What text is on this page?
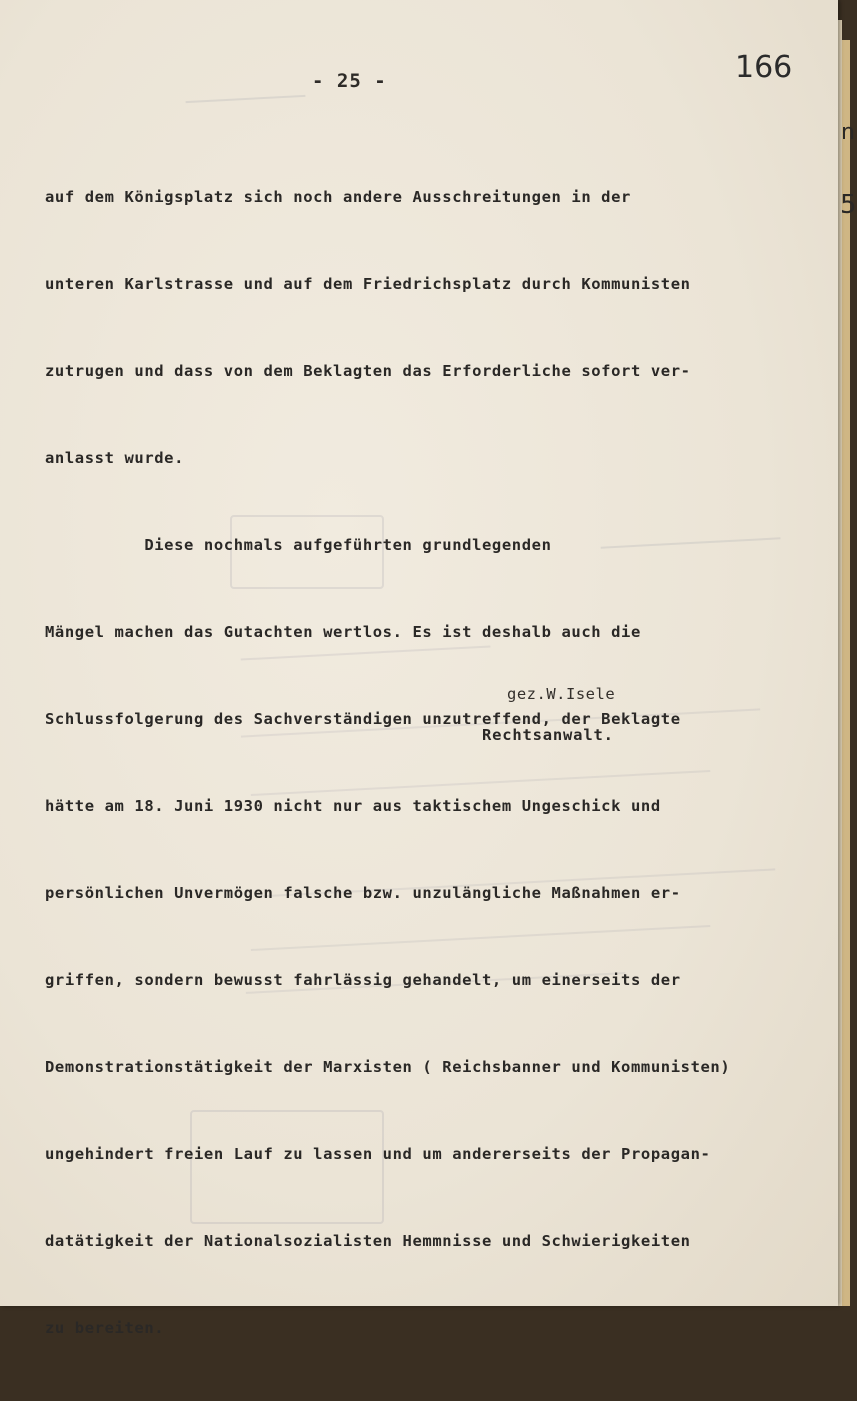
n
5
- 25 -	166

auf dem Königsplatz sich noch andere Ausschreitungen in der

unteren Karlstrasse und auf dem Friedrichsplatz durch Kommunisten

zutrugen und dass von dem Beklagten das Erforderliche sofort ver-

anlasst wurde.

Diese nochmals aufgeführten grundlegenden

Mängel machen das Gutachten wertlos. Es ist deshalb auch die

Schlussfolgerung des Sachverständigen unzutreffend, der Beklagte

hätte am 18. Juni 1930 nicht nur aus taktischem Ungeschick und

persönlichen Unvermögen falsche bzw. unzulängliche Maßnahmen er-

griffen, sondern bewusst fahrlässig gehandelt, um einerseits der

Demonstrationstätigkeit der Marxisten ( Reichsbanner und Kommunisten)

ungehindert freien Lauf zu lassen und um andererseits der Propagan-

datätigkeit der Nationalsozialisten Hemmnisse und Schwierigkeiten

zu bereiten.

gez.W.Isele
Rechtsanwalt.
